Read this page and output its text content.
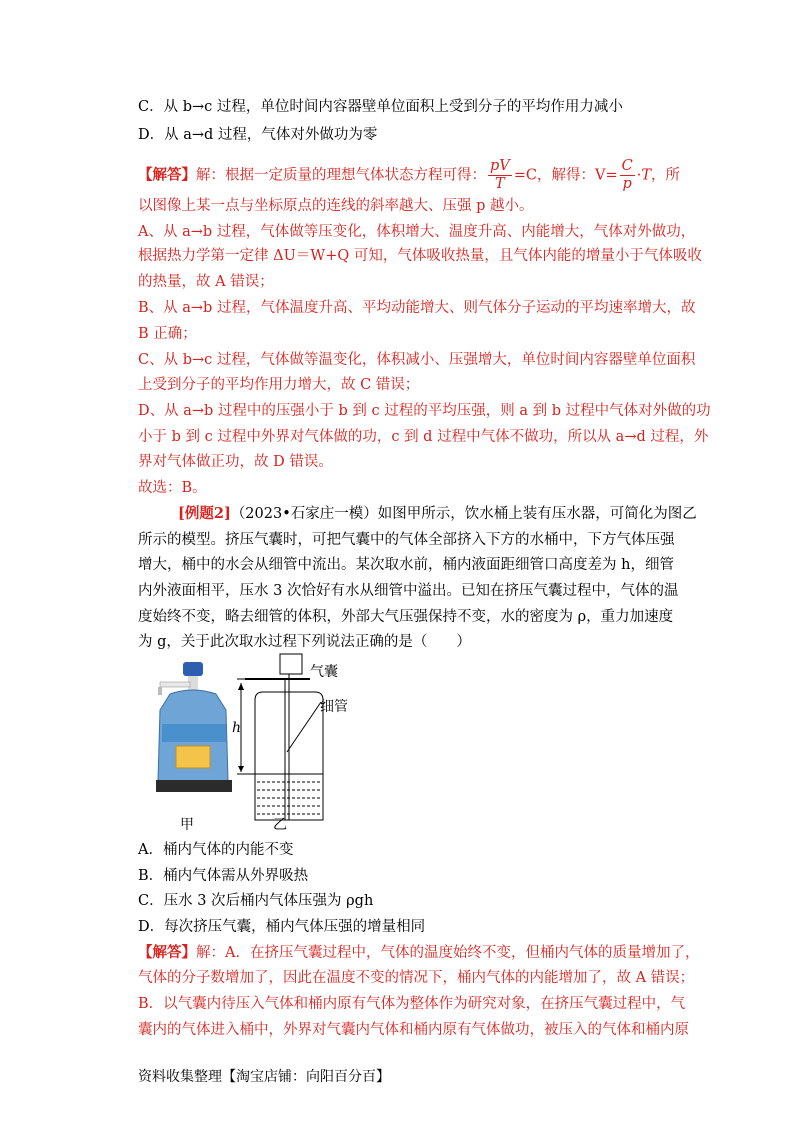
C．从 b→c 过程，单位时间内容器壁单位面积上受到分子的平均作用力减小
D．从 a→d 过程，气体对外做功为零
【解答】解：根据一定质量的理想气体状态方程可得： $\frac{pV}{T} =C$，解得：$V= \frac{C}{p} \cdot T$，所
以图像上某一点与坐标原点的连线的斜率越大、压强 p 越小。
A、从 a→b 过程，气体做等压变化，体积增大、温度升高、内能增大，气体对外做功，
根据热力学第一定律 ΔU＝W+Q 可知，气体吸收热量，且气体内能的增量小于气体吸收
的热量，故 A 错误；
B、从 a→b 过程，气体温度升高、平均动能增大、则气体分子运动的平均速率增大，故
B 正确；
C、从 b→c 过程，气体做等温变化，体积减小、压强增大，单位时间内容器壁单位面积
上受到分子的平均作用力增大，故 C 错误；
D、从 a→b 过程中的压强小于 b 到 c 过程的平均压强，则 a 到 b 过程中气体对外做的功
小于 b 到 c 过程中外界对气体做的功，c 到 d 过程中气体不做功，所以从 a→d 过程，外
界对气体做正功，故 D 错误。
故选：B。
[例题2]（2023•石家庄一模）如图甲所示，饮水桶上装有压水器，可简化为图乙
所示的模型。挤压气囊时，可把气囊中的气体全部挤入下方的水桶中，下方气体压强
增大，桶中的水会从细管中流出。某次取水前，桶内液面距细管口高度差为 h，细管
内外液面相平，压水 3 次恰好有水从细管中溢出。已知在挤压气囊过程中，气体的温
度始终不变，略去细管的体积，外部大气压强保持不变，水的密度为 ρ，重力加速度
为 g，关于此次取水过程下列说法正确的是（　　）
甲
h
气囊
细管
乙
A．桶内气体的内能不变
B．桶内气体需从外界吸热
C．压水 3 次后桶内气体压强为 ρgh
D．每次挤压气囊，桶内气体压强的增量相同
【解答】解：A．在挤压气囊过程中，气体的温度始终不变，但桶内气体的质量增加了，
气体的分子数增加了，因此在温度不变的情况下，桶内气体的内能增加了，故 A 错误；
B．以气囊内待压入气体和桶内原有气体为整体作为研究对象，在挤压气囊过程中，气
囊内的气体进入桶中，外界对气囊内气体和桶内原有气体做功，被压入的气体和桶内原
资料收集整理【淘宝店铺：向阳百分百】
